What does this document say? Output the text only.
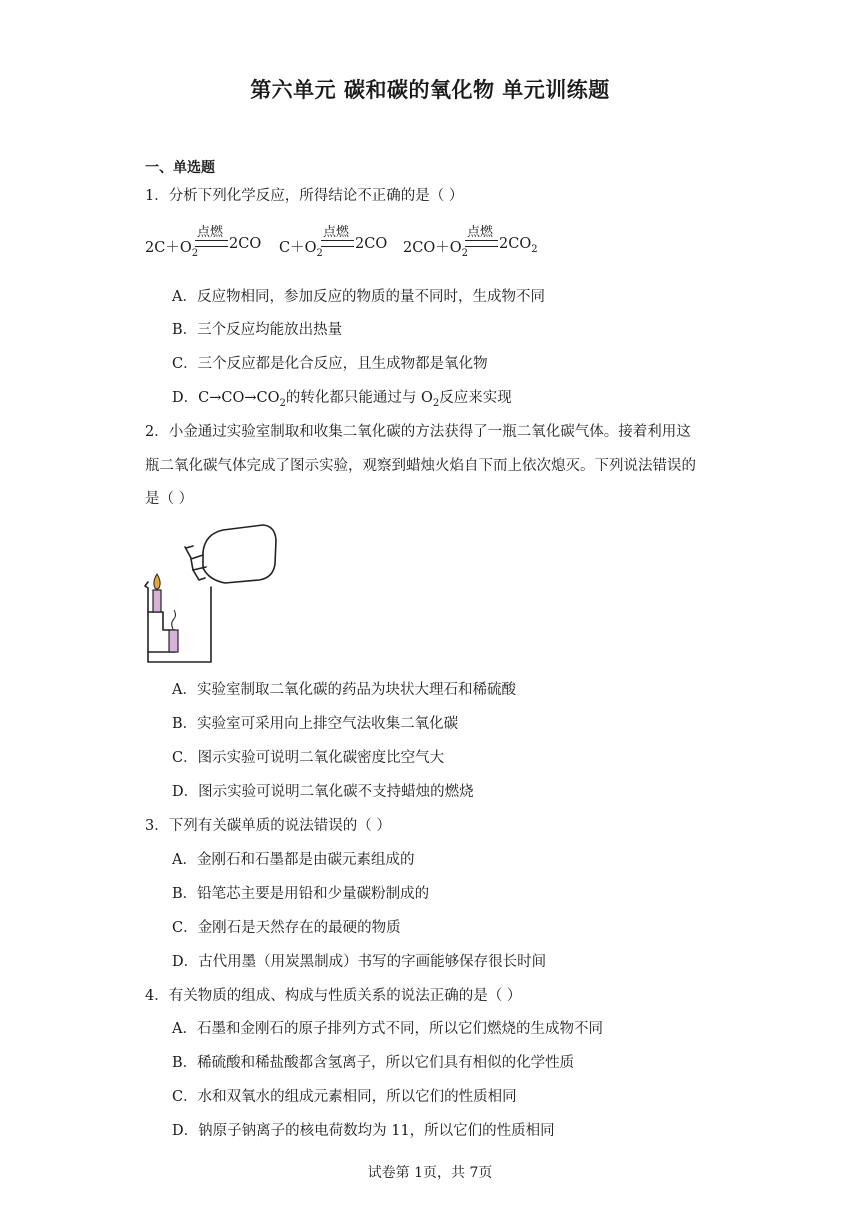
第六单元 碳和碳的氧化物 单元训练题
一、单选题
1．分析下列化学反应，所得结论不正确的是（ ）
$2C+O_2$
点燃
2CO $C+O_2$
点燃
2CO $2CO+O_2$
点燃
$2CO_2$
A．反应物相同，参加反应的物质的量不同时，生成物不同
B．三个反应均能放出热量
C．三个反应都是化合反应，且生成物都是氧化物
D．$C\to CO\to CO_2$的转化都只能通过与 $O_2$反应来实现
2．小金通过实验室制取和收集二氧化碳的方法获得了一瓶二氧化碳气体。接着利用这
瓶二氧化碳气体完成了图示实验，观察到蜡烛火焰自下而上依次熄灭。下列说法错误的
是（ ）
A．实验室制取二氧化碳的药品为块状大理石和稀硫酸
B．实验室可采用向上排空气法收集二氧化碳
C．图示实验可说明二氧化碳密度比空气大
D．图示实验可说明二氧化碳不支持蜡烛的燃烧
3．下列有关碳单质的说法错误的（ ）
A．金刚石和石墨都是由碳元素组成的
B．铅笔芯主要是用铅和少量碳粉制成的
C．金刚石是天然存在的最硬的物质
D．古代用墨（用炭黑制成）书写的字画能够保存很长时间
4．有关物质的组成、构成与性质关系的说法正确的是（ ）
A．石墨和金刚石的原子排列方式不同，所以它们燃烧的生成物不同
B．稀硫酸和稀盐酸都含氢离子，所以它们具有相似的化学性质
C．水和双氧水的组成元素相同，所以它们的性质相同
D．钠原子钠离子的核电荷数均为 11，所以它们的性质相同
试卷第 1页，共 7页
